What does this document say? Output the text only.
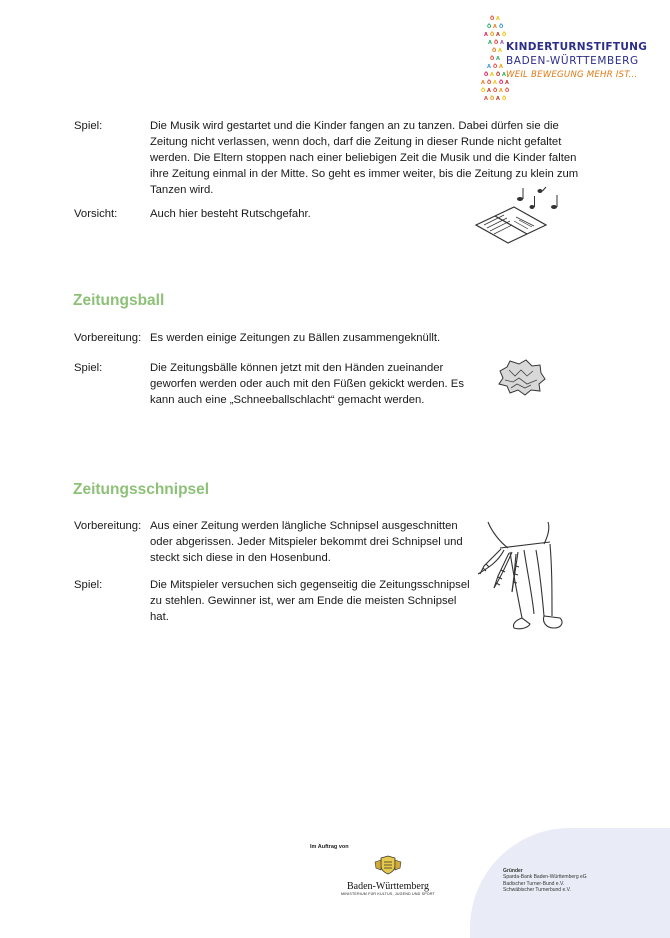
Ö A
Ö A Ö
A Ö A Ö
A Ö A
Ö A
Ö A
A Ö A
Ö A Ö A
A Ö A Ö A
Ö A Ö A Ö
A Ö A Ö
KINDERTURNSTIFTUNG
BADEN-WÜRTTEMBERG
WEIL BEWEGUNG MEHR IST...
Spiel:	Die Musik wird gestartet und die Kinder fangen an zu tanzen. Dabei dürfen sie die Zeitung nicht verlassen, wenn doch, darf die Zeitung in dieser Runde nicht gefaltet werden. Die Eltern stoppen nach einer beliebigen Zeit die Musik und die Kinder falten ihre Zeitung einmal in der Mitte. So geht es immer weiter, bis die Zeitung zu klein zum Tanzen wird.
Vorsicht:	Auch hier besteht Rutschgefahr.
Zeitungsball
Vorbereitung: Es werden einige Zeitungen zu Bällen zusammengeknüllt.
Spiel:	Die Zeitungsbälle können jetzt mit den Händen zueinander geworfen werden oder auch mit den Füßen gekickt werden. Es kann auch eine „Schneeballschlacht“ gemacht werden.
Zeitungsschnipsel
Vorbereitung: Aus einer Zeitung werden längliche Schnipsel ausgeschnitten oder abgerissen. Jeder Mitspieler bekommt drei Schnipsel und steckt sich diese in den Hosenbund.
Spiel:	Die Mitspieler versuchen sich gegenseitig die Zeitungsschnipsel zu stehlen. Gewinner ist, wer am Ende die meisten Schnipsel hat.
Im Auftrag von
Baden-Württemberg
MINISTERIUM FÜR KULTUS, JUGEND UND SPORT
Gründer
Sparda-Bank Baden-Württemberg eG
Badischer Turner-Bund e.V.
Schwäbischer Turnerbund e.V.
